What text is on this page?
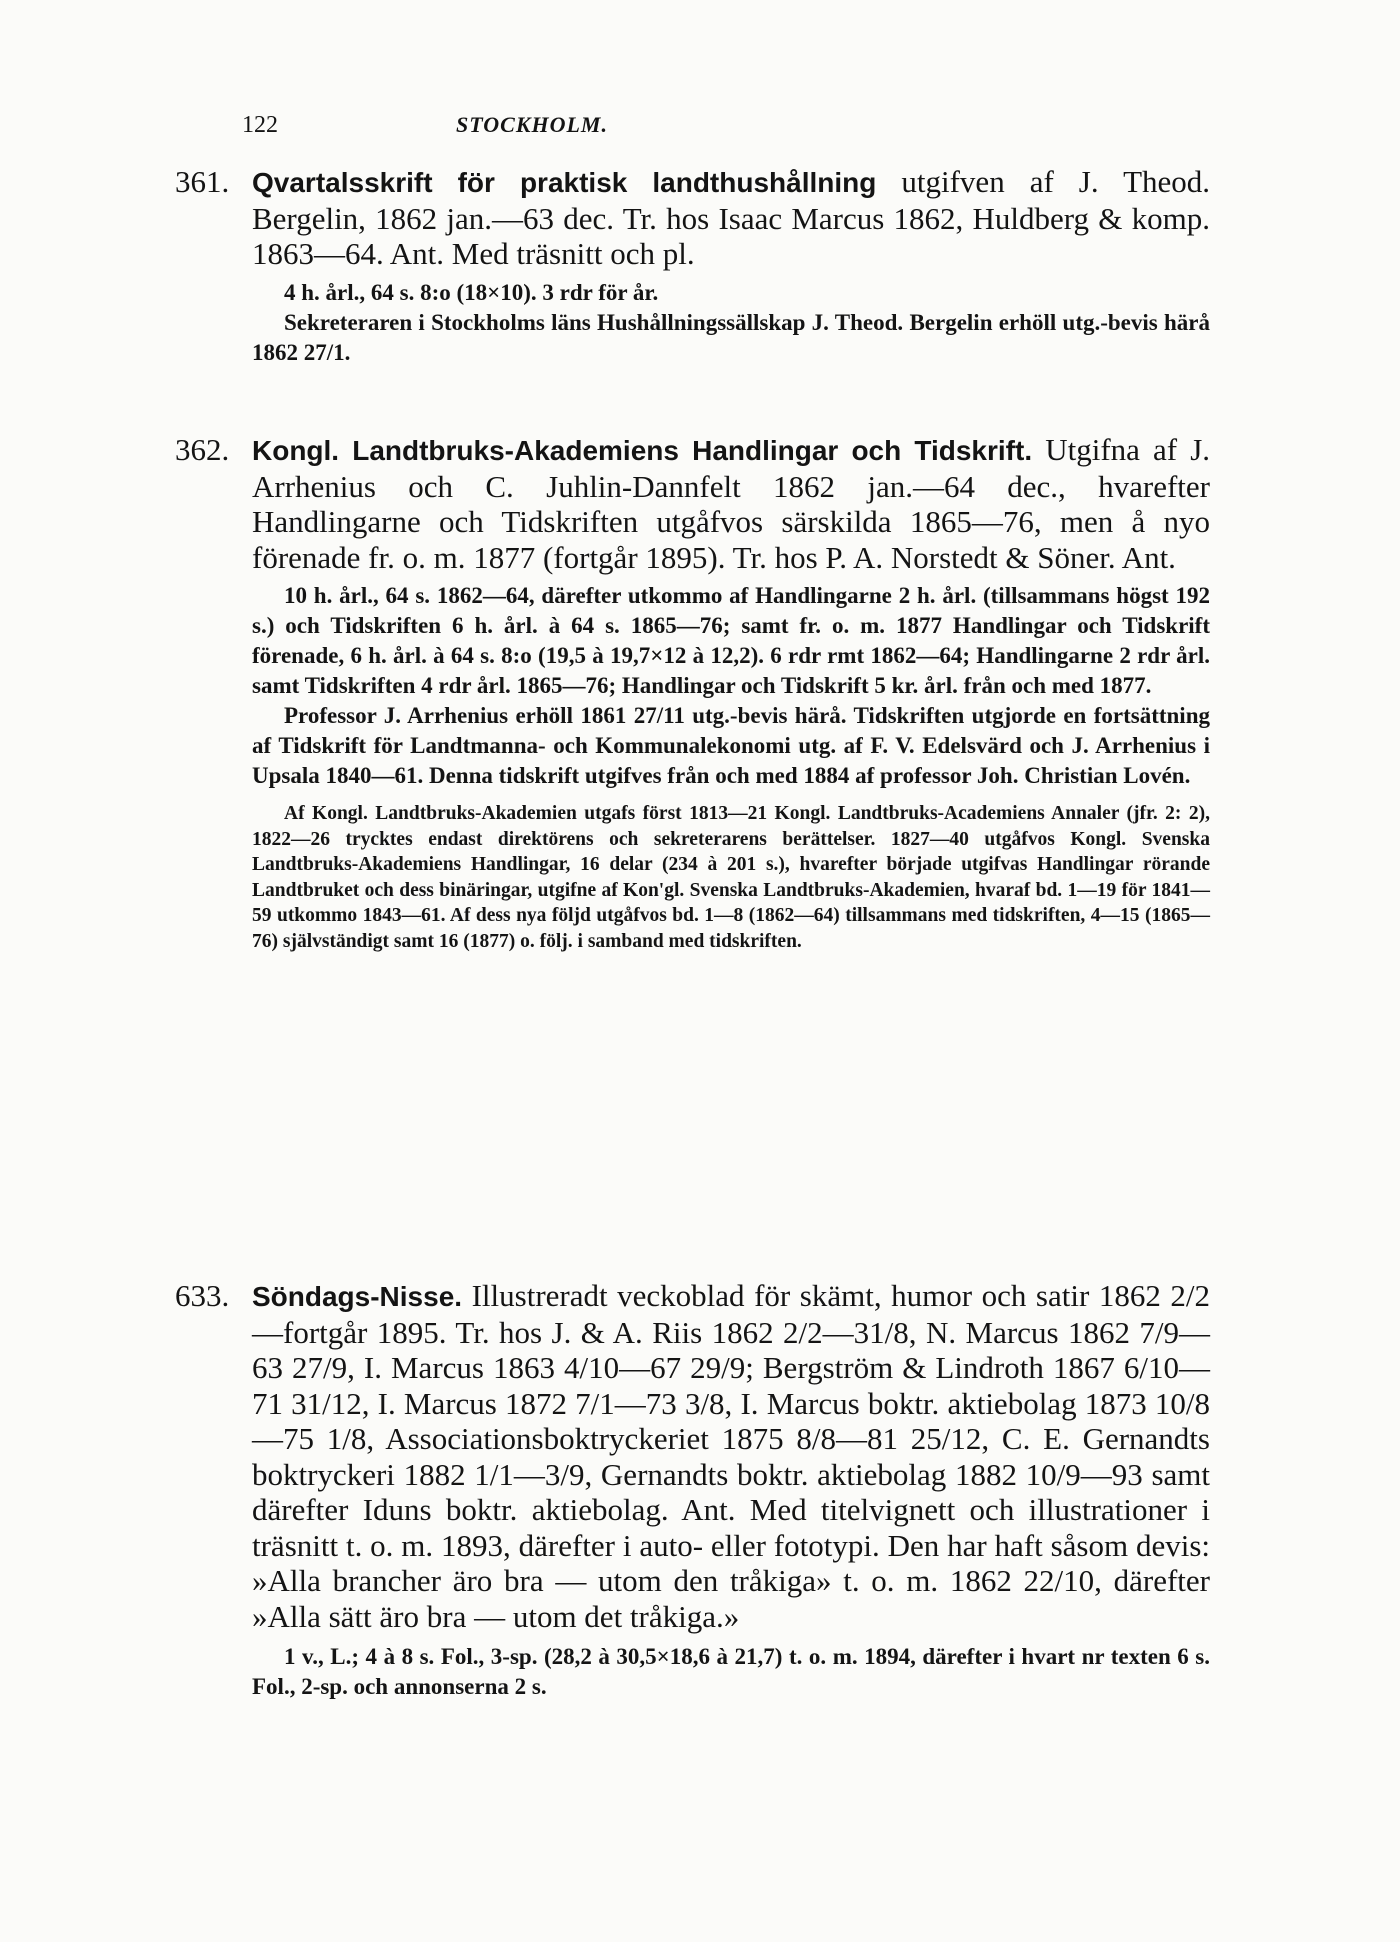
122	STOCKHOLM.
361. Qvartalsskrift för praktisk landthushållning utgifven af J. Theod. Bergelin, 1862 jan.—63 dec. Tr. hos Isaac Marcus 1862, Huldberg & komp. 1863—64. Ant. Med träsnitt och pl.

4 h. årl., 64 s. 8:o (18×10). 3 rdr för år.

Sekreteraren i Stockholms läns Hushållningssällskap J. Theod. Bergelin erhöll utg.-bevis härå 1862 27/1.

362. Kongl. Landtbruks-Akademiens Handlingar och Tidskrift. Utgifna af J. Arrhenius och C. Juhlin-Dannfelt 1862 jan.—64 dec., hvarefter Handlingarne och Tidskriften utgåfvos särskilda 1865—76, men å nyo förenade fr. o. m. 1877 (fortgår 1895). Tr. hos P. A. Norstedt & Söner. Ant.

10 h. årl., 64 s. 1862—64, därefter utkommo af Handlingarne 2 h. årl. (tillsammans högst 192 s.) och Tidskriften 6 h. årl. à 64 s. 1865—76; samt fr. o. m. 1877 Handlingar och Tidskrift förenade, 6 h. årl. à 64 s. 8:o (19,5 à 19,7×12 à 12,2). 6 rdr rmt 1862—64; Handlingarne 2 rdr årl. samt Tidskriften 4 rdr årl. 1865—76; Handlingar och Tidskrift 5 kr. årl. från och med 1877.

Professor J. Arrhenius erhöll 1861 27/11 utg.-bevis härå. Tidskriften utgjorde en fortsättning af Tidskrift för Landtmanna- och Kommunalekonomi utg. af F. V. Edelsvärd och J. Arrhenius i Upsala 1840—61. Denna tidskrift utgifves från och med 1884 af professor Joh. Christian Lovén.

Af Kongl. Landtbruks-Akademien utgafs först 1813—21 Kongl. Landtbruks-Academiens Annaler (jfr. 2: 2), 1822—26 trycktes endast direktörens och sekreterarens berättelser. 1827—40 utgåfvos Kongl. Svenska Landtbruks-Akademiens Handlingar, 16 delar (234 à 201 s.), hvarefter började utgifvas Handlingar rörande Landtbruket och dess binäringar, utgifne af Kon'gl. Svenska Landtbruks-Akademien, hvaraf bd. 1—19 för 1841—59 utkommo 1843—61. Af dess nya följd utgåfvos bd. 1—8 (1862—64) tillsammans med tidskriften, 4—15 (1865—76) självständigt samt 16 (1877) o. följ. i samband med tidskriften.

633. Söndags-Nisse. Illustreradt veckoblad för skämt, humor och satir 1862 2/2—fortgår 1895. Tr. hos J. & A. Riis 1862 2/2—31/8, N. Marcus 1862 7/9—63 27/9, I. Marcus 1863 4/10—67 29/9; Bergström & Lindroth 1867 6/10—71 31/12, I. Marcus 1872 7/1—73 3/8, I. Marcus boktr. aktiebolag 1873 10/8—75 1/8, Associationsboktryckeriet 1875 8/8—81 25/12, C. E. Gernandts boktryckeri 1882 1/1—3/9, Gernandts boktr. aktiebolag 1882 10/9—93 samt därefter Iduns boktr. aktiebolag. Ant. Med titelvignett och illustrationer i träsnitt t. o. m. 1893, därefter i auto- eller fototypi. Den har haft såsom devis: »Alla brancher äro bra — utom den tråkiga» t. o. m. 1862 22/10, därefter »Alla sätt äro bra — utom det tråkiga.»

1 v., L.; 4 à 8 s. Fol., 3-sp. (28,2 à 30,5×18,6 à 21,7) t. o. m. 1894, därefter i hvart nr texten 6 s. Fol., 2-sp. och annonserna 2 s.
